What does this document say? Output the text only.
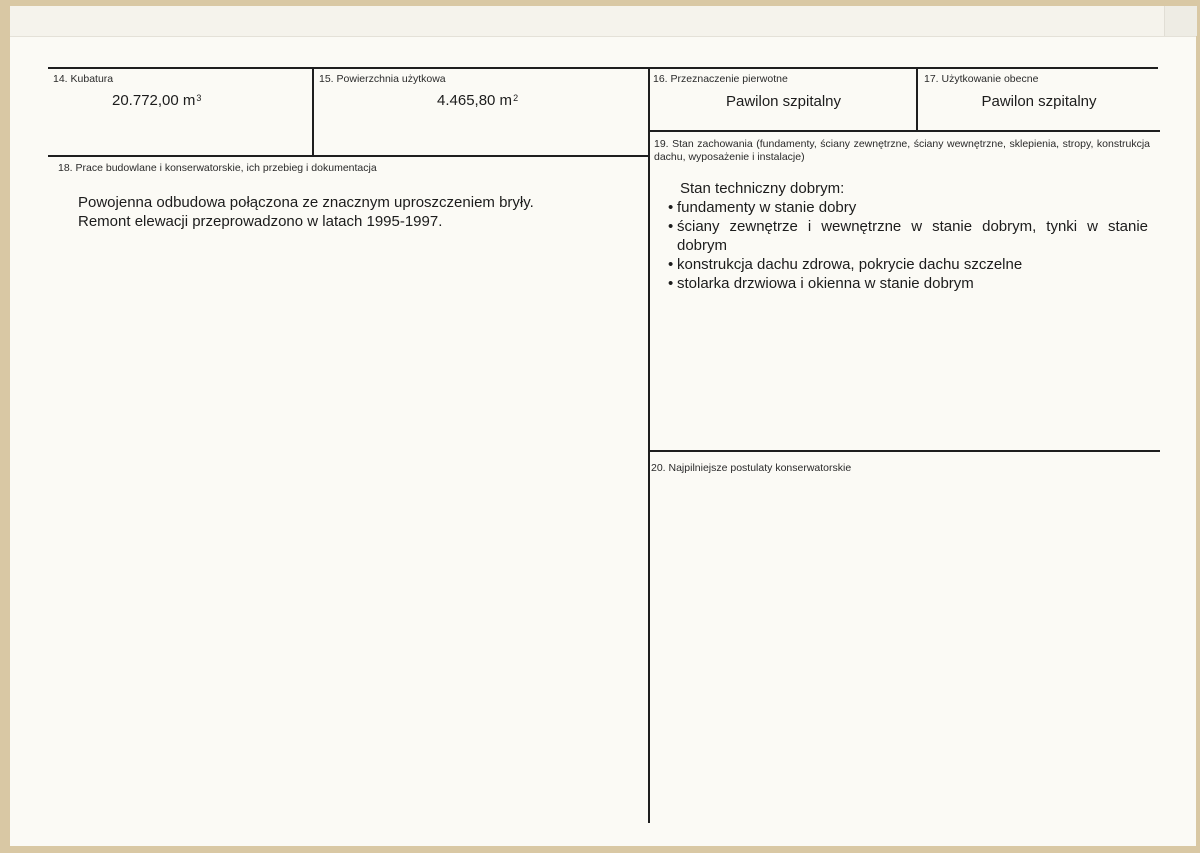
14. Kubatura
20.772,00 $m^3$
15. Powierzchnia użytkowa
4.465,80 $m^2$
16. Przeznaczenie pierwotne
Pawilon szpitalny
17. Użytkowanie obecne
Pawilon szpitalny
18. Prace budowlane i konserwatorskie, ich przebieg i dokumentacja
Powojenna odbudowa połączona ze znacznym uproszczeniem bryły.
Remont elewacji przeprowadzono w latach 1995-1997.
19. Stan zachowania (fundamenty, ściany zewnętrzne, ściany wewnętrzne, sklepienia, stropy, konstrukcja dachu, wyposażenie i instalacje)
Stan techniczny dobrym:
• fundamenty w stanie dobry
• ściany zewnętrze i wewnętrzne w stanie dobrym, tynki w stanie dobrym
• konstrukcja dachu zdrowa, pokrycie dachu szczelne
• stolarka drzwiowa i okienna w stanie dobrym
20. Najpilniejsze postulaty konserwatorskie
